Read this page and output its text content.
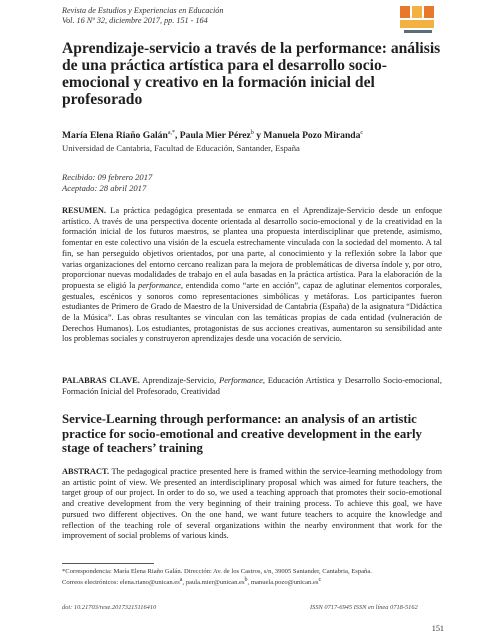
Revista de Estudios y Experiencias en Educación
Vol. 16 Nº 32, diciembre 2017, pp. 151 - 164
Aprendizaje-servicio a través de la performance: análisis de una práctica artística para el desarrollo socio-emocional y creativo en la formación inicial del profesorado
María Elena Riaño Galán$^{a,*}$, Paula Mier Pérez$^b$ y Manuela Pozo Miranda$^c$
Universidad de Cantabria, Facultad de Educación, Santander, España
Recibido: 09 febrero 2017
Aceptado: 28 abril 2017

RESUMEN. La práctica pedagógica presentada se enmarca en el Aprendizaje-Servicio desde un enfoque artístico. A través de una perspectiva docente orientada al desarrollo socio-emocional y de la creatividad en la formación inicial de los futuros maestros, se plantea una propuesta interdisciplinar que pretende, asimismo, fomentar en este colectivo una visión de la escuela estrechamente vinculada con la sociedad del momento. A tal fin, se han perseguido objetivos orientados, por una parte, al conocimiento y la reflexión sobre la labor que varias organizaciones del entorno cercano realizan para la mejora de problemáticas de diversa índole y, por otro, proporcionar nuevas modalidades de trabajo en el aula basadas en la práctica artística. Para la elaboración de la propuesta se eligió la performance, entendida como “arte en acción”, capaz de aglutinar elementos corporales, gestuales, escénicos y sonoros como representaciones simbólicas y metáforas. Los participantes fueron estudiantes de Primero de Grado de Maestro de la Universidad de Cantabria (España) de la asignatura “Didáctica de la Música”. Las obras resultantes se vinculan con las temáticas propias de cada entidad (vulneración de Derechos Humanos). Los estudiantes, protagonistas de sus acciones creativas, aumentaron su sensibilidad ante los problemas sociales y construyeron aprendizajes desde una vocación de servicio.

PALABRAS CLAVE. Aprendizaje-Servicio, Performance, Educación Artística y Desarrollo Socio-emocional, Formación Inicial del Profesorado, Creatividad

Service-Learning through performance: an analysis of an artistic practice for socio-emotional and creative development in the early stage of teachers’ training

ABSTRACT. The pedagogical practice presented here is framed within the service-learning methodology from an artistic point of view. We presented an interdisciplinary proposal which was aimed for future teachers, the target group of our project. In order to do so, we used a teaching approach that promotes their socio-emotional and creative development from the very beginning of their training process. To achieve this goal, we have pursued two different objectives. On the one hand, we want future teachers to acquire the knowledge and reflection of the teaching role of several organizations within the nearby environment that work for the improvement of social problems of various kinds.

*Correspondencia: María Elena Riaño Galán. Dirección: Av. de los Castros, s/n, 39005 Santander, Cantabria, España.
Correos electrónicos: elena.riano@unican.esa, paula.mier@unican.esb, manuela.pozo@unican.esc

doi: 10.21703/rexe.20173215116410	ISSN 0717-6945 ISSN en línea 0718-5162
151
